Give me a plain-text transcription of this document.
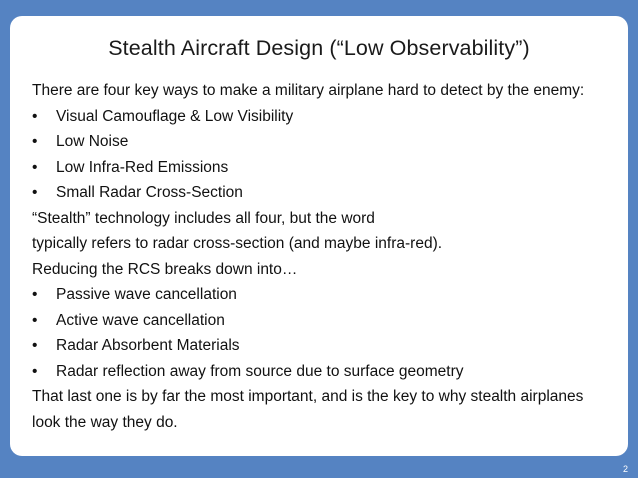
Stealth Aircraft Design (“Low Observability”)

There are four key ways to make a military airplane hard to detect by the enemy:

• Visual Camouflage & Low Visibility

• Low Noise

• Low Infra-Red Emissions

• Small Radar Cross-Section

“Stealth” technology includes all four, but the word
typically refers to radar cross-section (and maybe infra-red).
Reducing the RCS breaks down into…

• Passive wave cancellation

• Active wave cancellation

• Radar Absorbent Materials

• Radar reflection away from source due to surface geometry

That last one is by far the most important, and is the key to why stealth airplanes
look the way they do.

2
